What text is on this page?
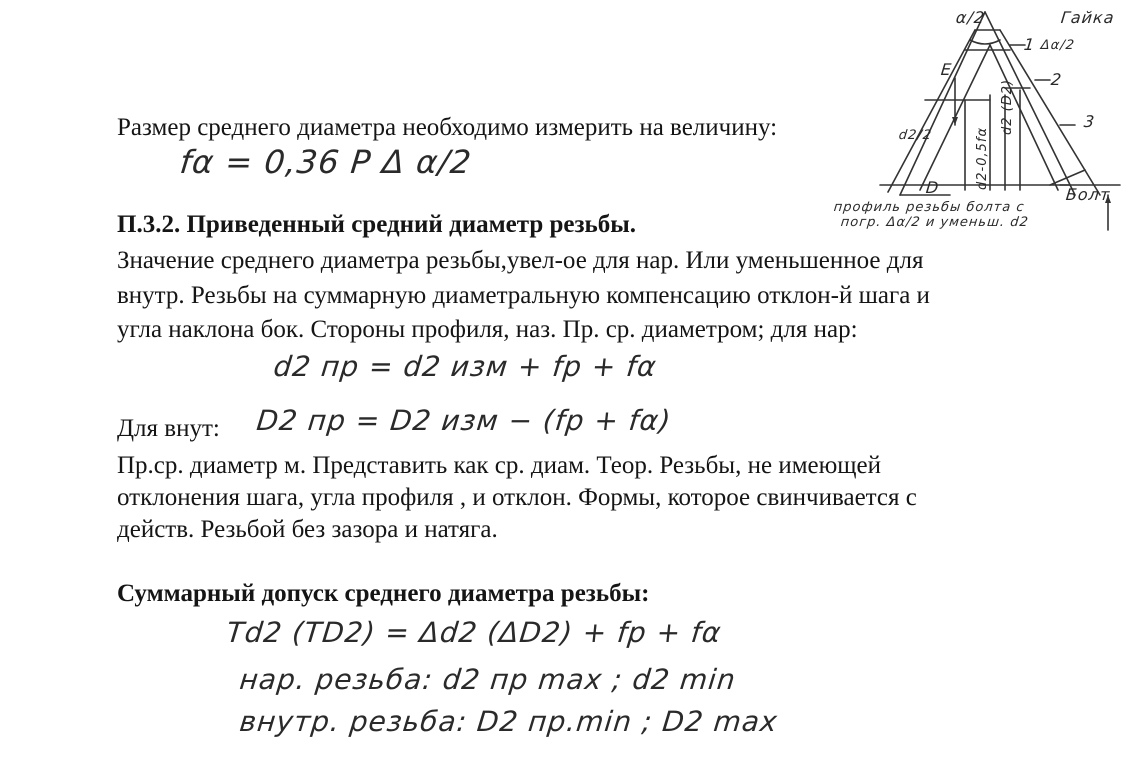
Размер среднего диаметра необходимо измерить на величину:
fα = 0,36 P Δ α/2
П.3.2. Приведенный средний диаметр резьбы.
Значение среднего диаметра резьбы,увел-ое для нар. Или уменьшенное для
внутр. Резьбы на суммарную диаметральную компенсацию отклон-й шага и
угла наклона бок. Стороны профиля, наз. Пр. ср. диаметром; для нар:
d2 пр = d2 изм + fp + fα
Для внут: D2 пр = D2 изм − (fp + fα)
Пр.ср. диаметр м. Представить как ср. диам. Теор. Резьбы, не имеющей
отклонения шага, угла профиля , и отклон. Формы, которое свинчивается с
действ. Резьбой без зазора и натяга.
Суммарный допуск среднего диаметра резьбы:
Td2 (TD2) = Δd2 (ΔD2) + fp + fα
нар. резьба: d2 пр max ; d2 min
внутр. резьба: D2 пр.min ; D2 max
Гайка
α/2
1 Δα/2
2
3
E
d2/2
d2 (D2)
d2-0,5fα
D	Болт
профиль резьбы болта с
погр. Δα/2 и уменьш. d2
